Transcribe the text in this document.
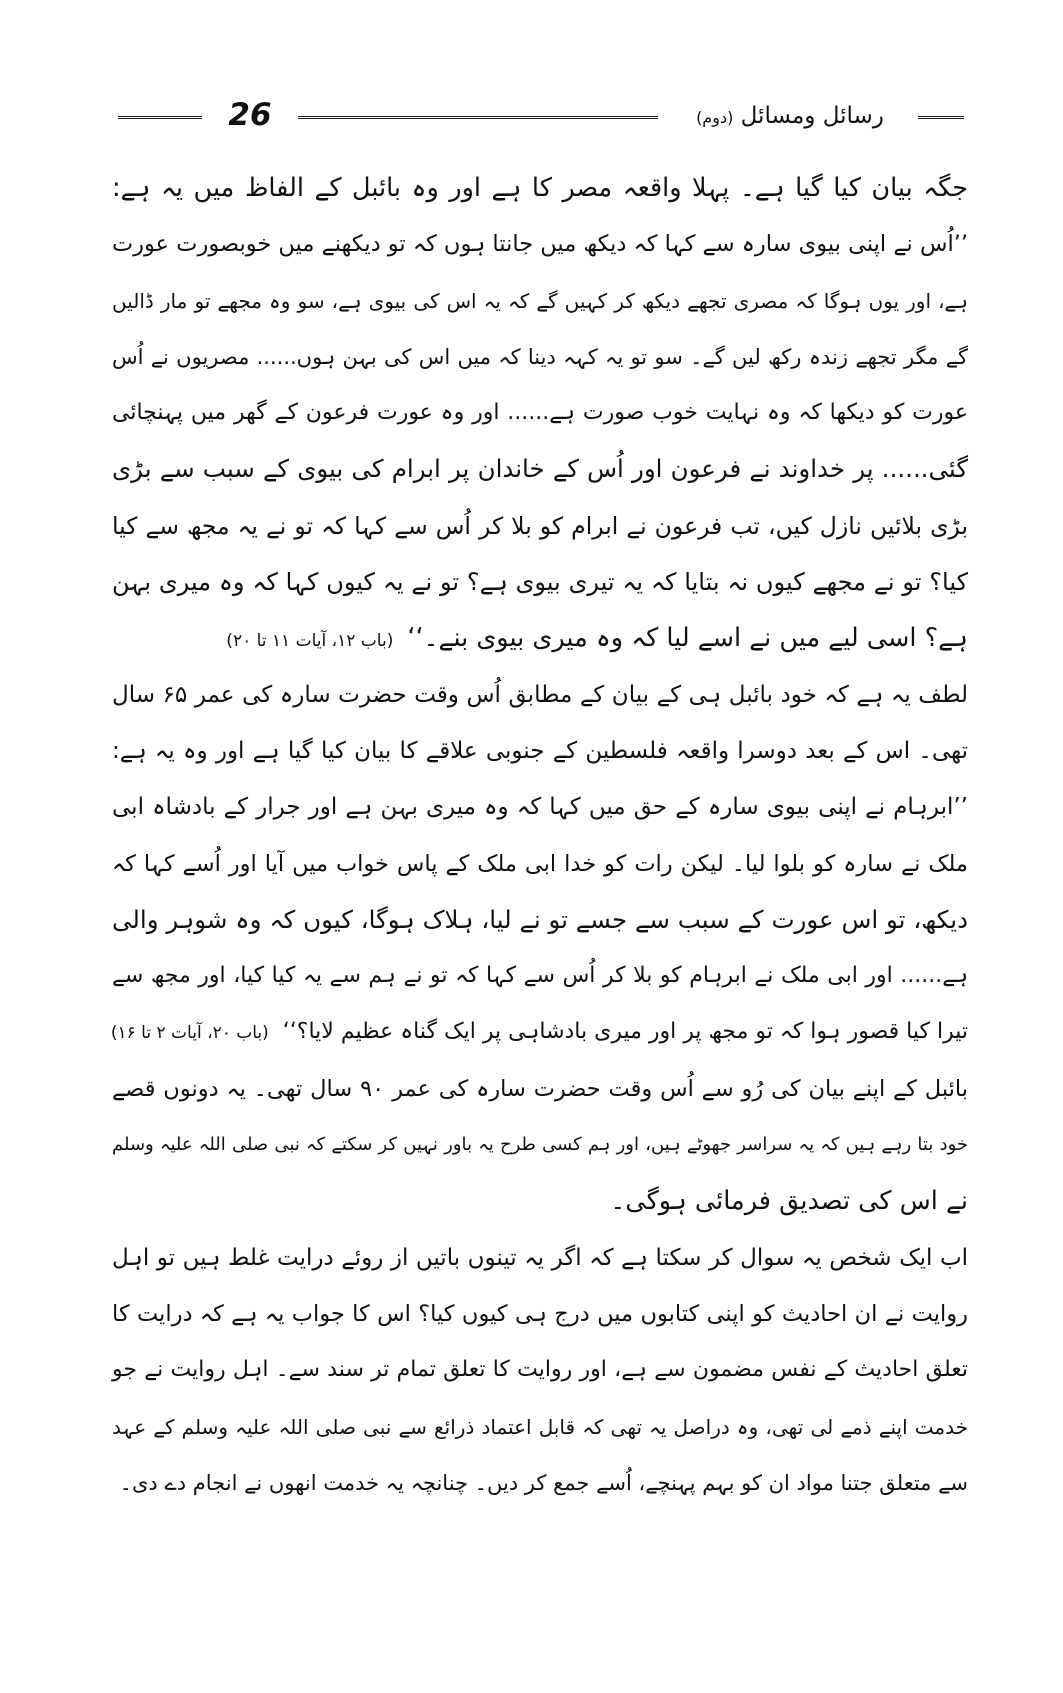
26	رسائل ومسائل (دوم)
جگہ بیان کیا گیا ہے۔ پہلا واقعہ مصر کا ہے اور وہ بائبل کے الفاظ میں یہ ہے:
’’اُس نے اپنی بیوی سارہ سے کہا کہ دیکھ میں جانتا ہوں کہ تو دیکھنے میں خوبصورت عورت
ہے، اور یوں ہوگا کہ مصری تجھے دیکھ کر کہیں گے کہ یہ اس کی بیوی ہے، سو وہ مجھے تو مار ڈالیں
گے مگر تجھے زندہ رکھ لیں گے۔ سو تو یہ کہہ دینا کہ میں اس کی بہن ہوں...... مصریوں نے اُس
عورت کو دیکھا کہ وہ نہایت خوب صورت ہے...... اور وہ عورت فرعون کے گھر میں پہنچائی
گئی...... پر خداوند نے فرعون اور اُس کے خاندان پر ابرام کی بیوی کے سبب سے بڑی
بڑی بلائیں نازل کیں، تب فرعون نے ابرام کو بلا کر اُس سے کہا کہ تو نے یہ مجھ سے کیا
کیا؟ تو نے مجھے کیوں نہ بتایا کہ یہ تیری بیوی ہے؟ تو نے یہ کیوں کہا کہ وہ میری بہن
ہے؟ اسی لیے میں نے اسے لیا کہ وہ میری بیوی بنے۔‘‘(باب ۱۲، آیات ۱۱ تا ۲۰)
لطف یہ ہے کہ خود بائبل ہی کے بیان کے مطابق اُس وقت حضرت سارہ کی عمر ۶۵ سال
تھی۔ اس کے بعد دوسرا واقعہ فلسطین کے جنوبی علاقے کا بیان کیا گیا ہے اور وہ یہ ہے:
’’ابرہام نے اپنی بیوی سارہ کے حق میں کہا کہ وہ میری بہن ہے اور جرار کے بادشاہ ابی
ملک نے سارہ کو بلوا لیا۔ لیکن رات کو خدا ابی ملک کے پاس خواب میں آیا اور اُسے کہا کہ
دیکھ، تو اس عورت کے سبب سے جسے تو نے لیا، ہلاک ہوگا، کیوں کہ وہ شوہر والی
ہے...... اور ابی ملک نے ابرہام کو بلا کر اُس سے کہا کہ تو نے ہم سے یہ کیا کیا، اور مجھ سے
تیرا کیا قصور ہوا کہ تو مجھ پر اور میری بادشاہی پر ایک گناہ عظیم لایا؟‘‘(باب ۲۰، آیات ۲ تا ۱۶)
بائبل کے اپنے بیان کی رُو سے اُس وقت حضرت سارہ کی عمر ۹۰ سال تھی۔ یہ دونوں قصے
خود بتا رہے ہیں کہ یہ سراسر جھوٹے ہیں، اور ہم کسی طرح یہ باور نہیں کر سکتے کہ نبی صلی اللہ علیہ وسلم
نے اس کی تصدیق فرمائی ہوگی۔
اب ایک شخص یہ سوال کر سکتا ہے کہ اگر یہ تینوں باتیں از روئے درایت غلط ہیں تو اہل
روایت نے ان احادیث کو اپنی کتابوں میں درج ہی کیوں کیا؟ اس کا جواب یہ ہے کہ درایت کا
تعلق احادیث کے نفس مضمون سے ہے، اور روایت کا تعلق تمام تر سند سے۔ اہل روایت نے جو
خدمت اپنے ذمے لی تھی، وہ دراصل یہ تھی کہ قابل اعتماد ذرائع سے نبی صلی اللہ علیہ وسلم کے عہد
سے متعلق جتنا مواد ان کو بہم پہنچے، اُسے جمع کر دیں۔ چنانچہ یہ خدمت انھوں نے انجام دے دی۔
